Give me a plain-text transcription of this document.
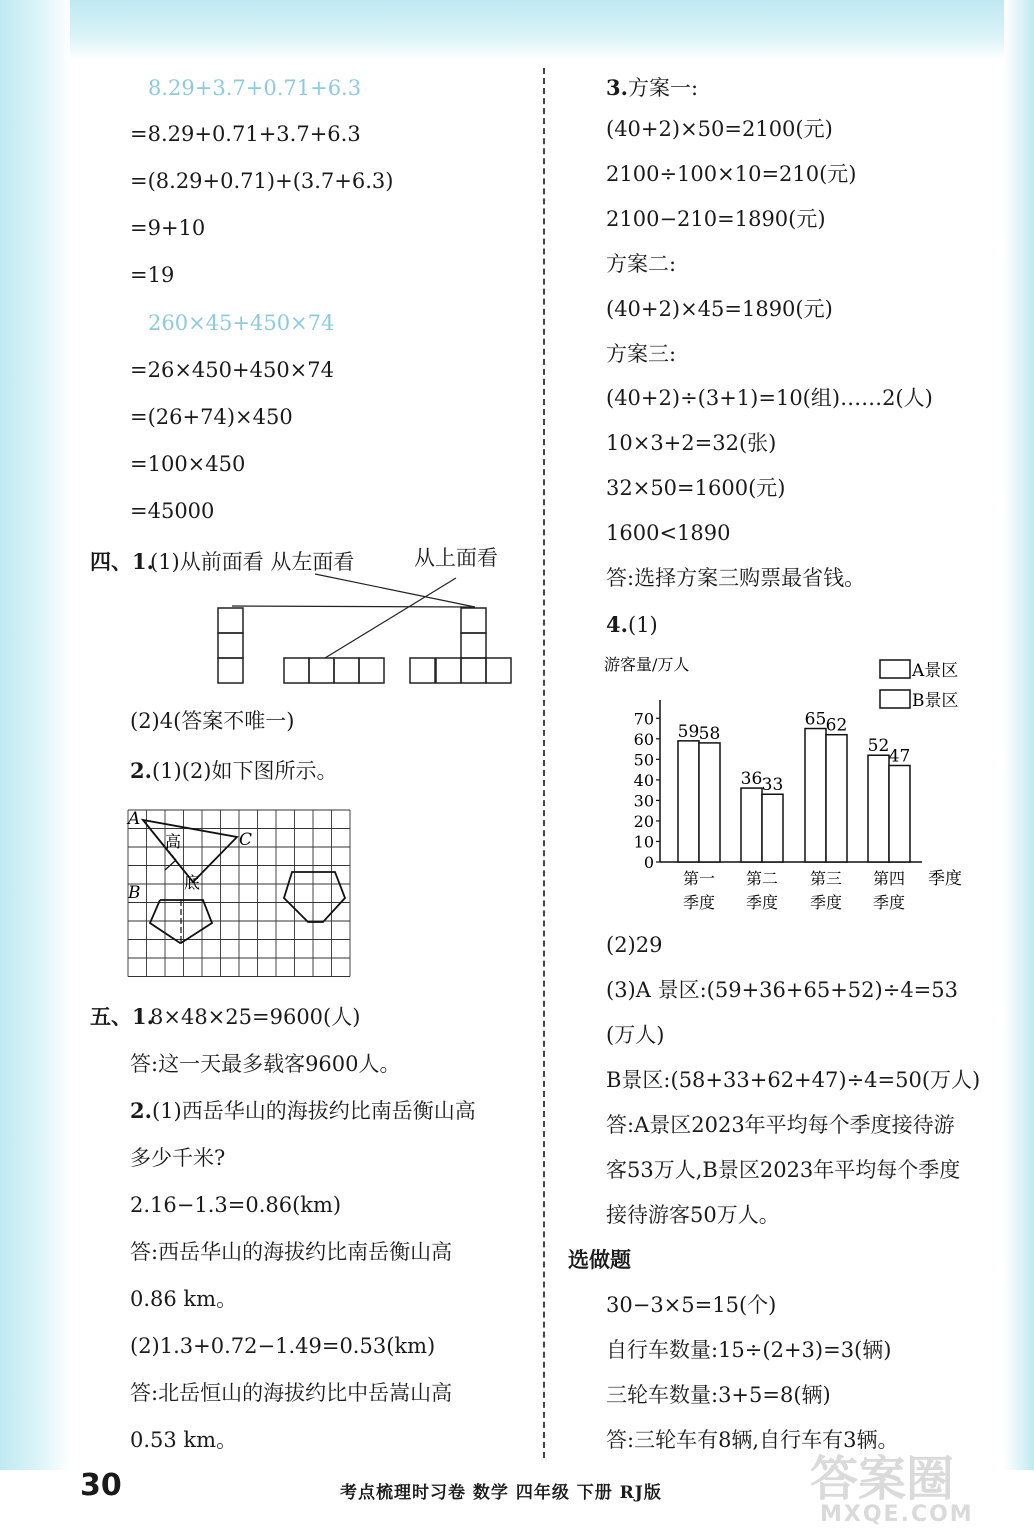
8.29+3.7+0.71+6.3
=8.29+0.71+3.7+6.3
=(8.29+0.71)+(3.7+6.3)
=9+10
=19
260×45+450×74
=26×450+450×74
=(26+74)×450
=100×450
=45000
四、1.
(1)从前面看 从左面看	从上面看
(2)4(答案不唯一)
2. (1)(2)如下图所示。
A
B
C
高
底
五、1.
8×48×25=9600(人)
答:这一天最多载客9600人。
2. (1)西岳华山的海拔约比南岳衡山高
多少千米?
2.16−1.3=0.86(km)
答:西岳华山的海拔约比南岳衡山高
0.86 km。
(2)1.3+0.72−1.49=0.53(km)
答:北岳恒山的海拔约比中岳嵩山高
0.53 km。
3. 方案一:
(40+2)×50=2100(元)
2100÷100×10=210(元)
2100−210=1890(元)
方案二:
(40+2)×45=1890(元)
方案三:
(40+2)÷(3+1)=10(组)……2(人)
10×3+2=32(张)
32×50=1600(元)
1600<1890
答:选择方案三购票最省钱。
4. (1)
游客量/万人	A景区
B景区
0
10
20
30
40
50
60
70
59 58
36 33
65 62
52
47
第一
季度
第二
季度
第三
季度
第四
季度
季度
(2)29
(3)A 景区:(59+36+65+52)÷4=53
(万人)
B景区:(58+33+62+47)÷4=50(万人)
答:A景区2023年平均每个季度接待游
客53万人,B景区2023年平均每个季度
接待游客50万人。
选做题
30−3×5=15(个)
自行车数量:15÷(2+3)=3(辆)
三轮车数量:3+5=8(辆)
答:三轮车有8辆,自行车有3辆。
30	考点梳理时习卷 数学 四年级 下册 RJ版	答案圈
MXQE.COM
